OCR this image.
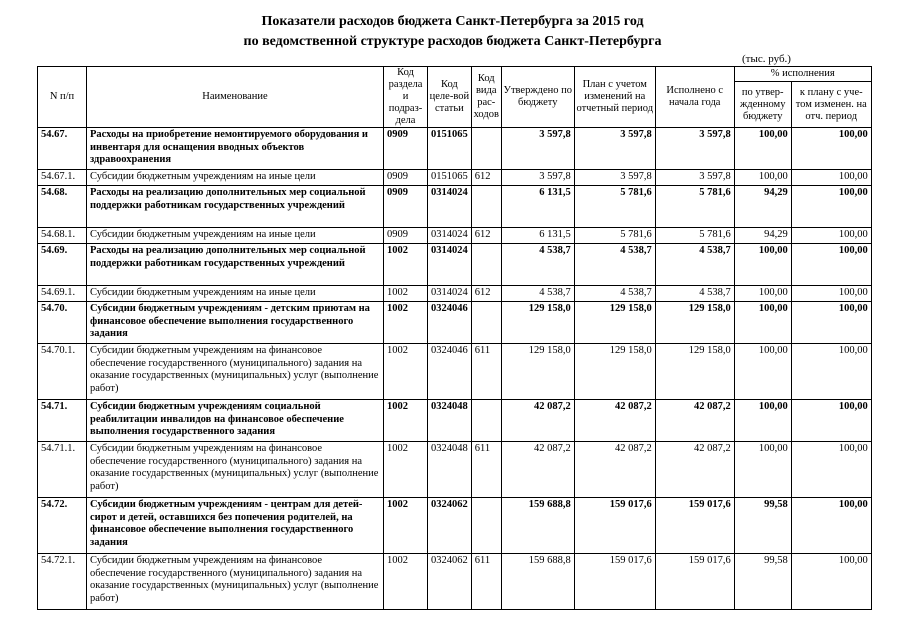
Показатели расходов бюджета Санкт-Петербурга за 2015 год
по ведомственной структуре расходов бюджета Санкт-Петербурга
(тыс. руб.)
N п/п	Наименование	Код раздела и подраз-дела	Код целе-вой статьи	Код вида рас-ходов	Утверждено по бюджету	План с учетом изменений на отчетный период	Исполнено с начала года	% исполнения	
								по утвер-жденному бюджету	к плану с уче-том изменен. на отч. период
54.67.	Расходы на приобретение немонтируемого оборудования и инвентаря для оснащения вводных объектов здравоохранения	0909	0151065		3 597,8	3 597,8	3 597,8	100,00	100,00
54.67.1.	Субсидии бюджетным учреждениям на иные цели	0909	0151065	612	3 597,8	3 597,8	3 597,8	100,00	100,00
54.68.	Расходы на реализацию дополнительных мер социальной поддержки работникам государственных учреждений	0909	0314024		6 131,5	5 781,6	5 781,6	94,29	100,00
54.68.1.	Субсидии бюджетным учреждениям на иные цели	0909	0314024	612	6 131,5	5 781,6	5 781,6	94,29	100,00
54.69.	Расходы на реализацию дополнительных мер социальной поддержки работникам государственных учреждений	1002	0314024		4 538,7	4 538,7	4 538,7	100,00	100,00
54.69.1.	Субсидии бюджетным учреждениям на иные цели	1002	0314024	612	4 538,7	4 538,7	4 538,7	100,00	100,00
54.70.	Субсидии бюджетным учреждениям - детским приютам на финансовое обеспечение выполнения государственного задания	1002	0324046		129 158,0	129 158,0	129 158,0	100,00	100,00
54.70.1.	Субсидии бюджетным учреждениям на финансовое обеспечение государственного (муниципального) задания на оказание государственных (муниципальных) услуг (выполнение работ)	1002	0324046	611	129 158,0	129 158,0	129 158,0	100,00	100,00
54.71.	Субсидии бюджетным учреждениям социальной реабилитации инвалидов на финансовое обеспечение выполнения государственного задания	1002	0324048		42 087,2	42 087,2	42 087,2	100,00	100,00
54.71.1.	Субсидии бюджетным учреждениям на финансовое обеспечение государственного (муниципального) задания на оказание государственных (муниципальных) услуг (выполнение работ)	1002	0324048	611	42 087,2	42 087,2	42 087,2	100,00	100,00
54.72.	Субсидии бюджетным учреждениям - центрам для детей-сирот и детей, оставшихся без попечения родителей, на финансовое обеспечение выполнения государственного задания	1002	0324062		159 688,8	159 017,6	159 017,6	99,58	100,00
54.72.1.	Субсидии бюджетным учреждениям на финансовое обеспечение государственного (муниципального) задания на оказание государственных (муниципальных) услуг (выполнение работ)	1002	0324062	611	159 688,8	159 017,6	159 017,6	99,58	100,00
